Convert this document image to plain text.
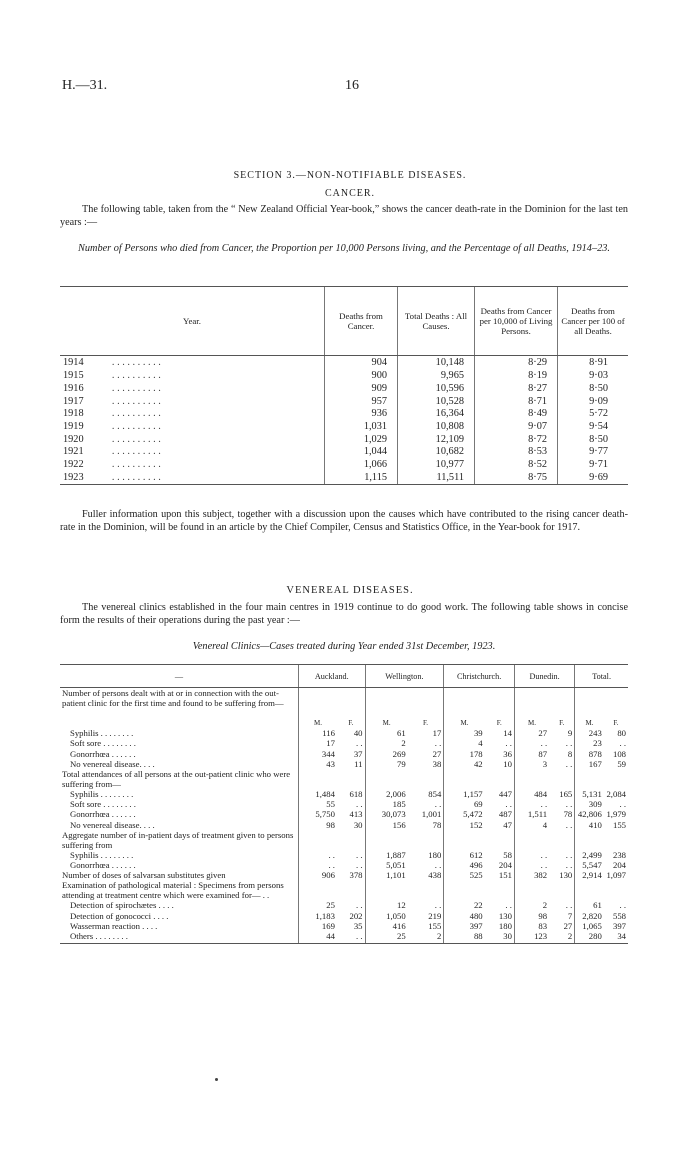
H.—31.	16
SECTION 3.—NON-NOTIFIABLE DISEASES.
CANCER.
The following table, taken from the “ New Zealand Official Year-book,” shows the cancer death-rate in the Dominion for the last ten years :—
Number of Persons who died from Cancer, the Proportion per 10,000 Persons living, and the Percentage of all Deaths, 1914–23.
Year.	Deaths from Cancer.	Total Deaths : All Causes.	Deaths from Cancer per 10,000 of Living Persons.	Deaths from Cancer per 100 of all Deaths.
1914 . . . . . . . . . .	904	10,148	8·29	8·91
1915 . . . . . . . . . .	900	9,965	8·19	9·03
1916 . . . . . . . . . .	909	10,596	8·27	8·50
1917 . . . . . . . . . .	957	10,528	8·71	9·09
1918 . . . . . . . . . .	936	16,364	8·49	5·72
1919 . . . . . . . . . .	1,031	10,808	9·07	9·54
1920 . . . . . . . . . .	1,029	12,109	8·72	8·50
1921 . . . . . . . . . .	1,044	10,682	8·53	9·77
1922 . . . . . . . . . .	1,066	10,977	8·52	9·71
1923 . . . . . . . . . .	1,115	11,511	8·75	9·69
Fuller information upon this subject, together with a discussion upon the causes which have contributed to the rising cancer death-rate in the Dominion, will be found in an article by the Chief Compiler, Census and Statistics Office, in the Year-book for 1917.
VENEREAL DISEASES.
The venereal clinics established in the four main centres in 1919 continue to do good work. The following table shows in concise form the results of their operations during the past year :—
Venereal Clinics—Cases treated during Year ended 31st December, 1923.
—	Auckland.		Wellington.		Christchurch.		Dunedin.		Total.	
Number of persons dealt with at or in connection with the out-patient clinic for the first time and found to be suffering from—										
	M.	F.	M.	F.	M.	F.	M.	F.	M.	F.
Syphilis . . . . . . . .	116	40	61	17	39	14	27	9	243	80
Soft sore . . . . . . . .	17	. .	2	. .	4	. .	. .	. .	23	. .
Gonorrhœa . . . . . .	344	37	269	27	178	36	87	8	878	108
No venereal disease. . . .	43	11	79	38	42	10	3	. .	167	59
Total attendances of all persons at the out-patient clinic who were suffering from—										
Syphilis . . . . . . . .	1,484	618	2,006	854	1,157	447	484	165	5,131	2,084
Soft sore . . . . . . . .	55	. .	185	. .	69	. .	. .	. .	309	. .
Gonorrhœa . . . . . .	5,750	413	30,073	1,001	5,472	487	1,511	78	42,806	1,979
No venereal disease. . . .	98	30	156	78	152	47	4	. .	410	155
Aggregate number of in-patient days of treatment given to persons suffering from										
Syphilis . . . . . . . .	. .	. .	1,887	180	612	58	. .	. .	2,499	238
Gonorrhœa . . . . . .	. .	. .	5,051	. .	496	204	. .	. .	5,547	204
Number of doses of salvarsan substitutes given	906	378	1,101	438	525	151	382	130	2,914	1,097
Examination of pathological material : Specimens from persons attending at treatment centre which were examined for— . .										
Detection of spirochætes . . . .	25	. .	12	. .	22	. .	2	. .	61	. .
Detection of gonococci . . . .	1,183	202	1,050	219	480	130	98	7	2,820	558
Wasserman reaction . . . .	169	35	416	155	397	180	83	27	1,065	397
Others . . . . . . . .	44	. .	25	2	88	30	123	2	280	34
